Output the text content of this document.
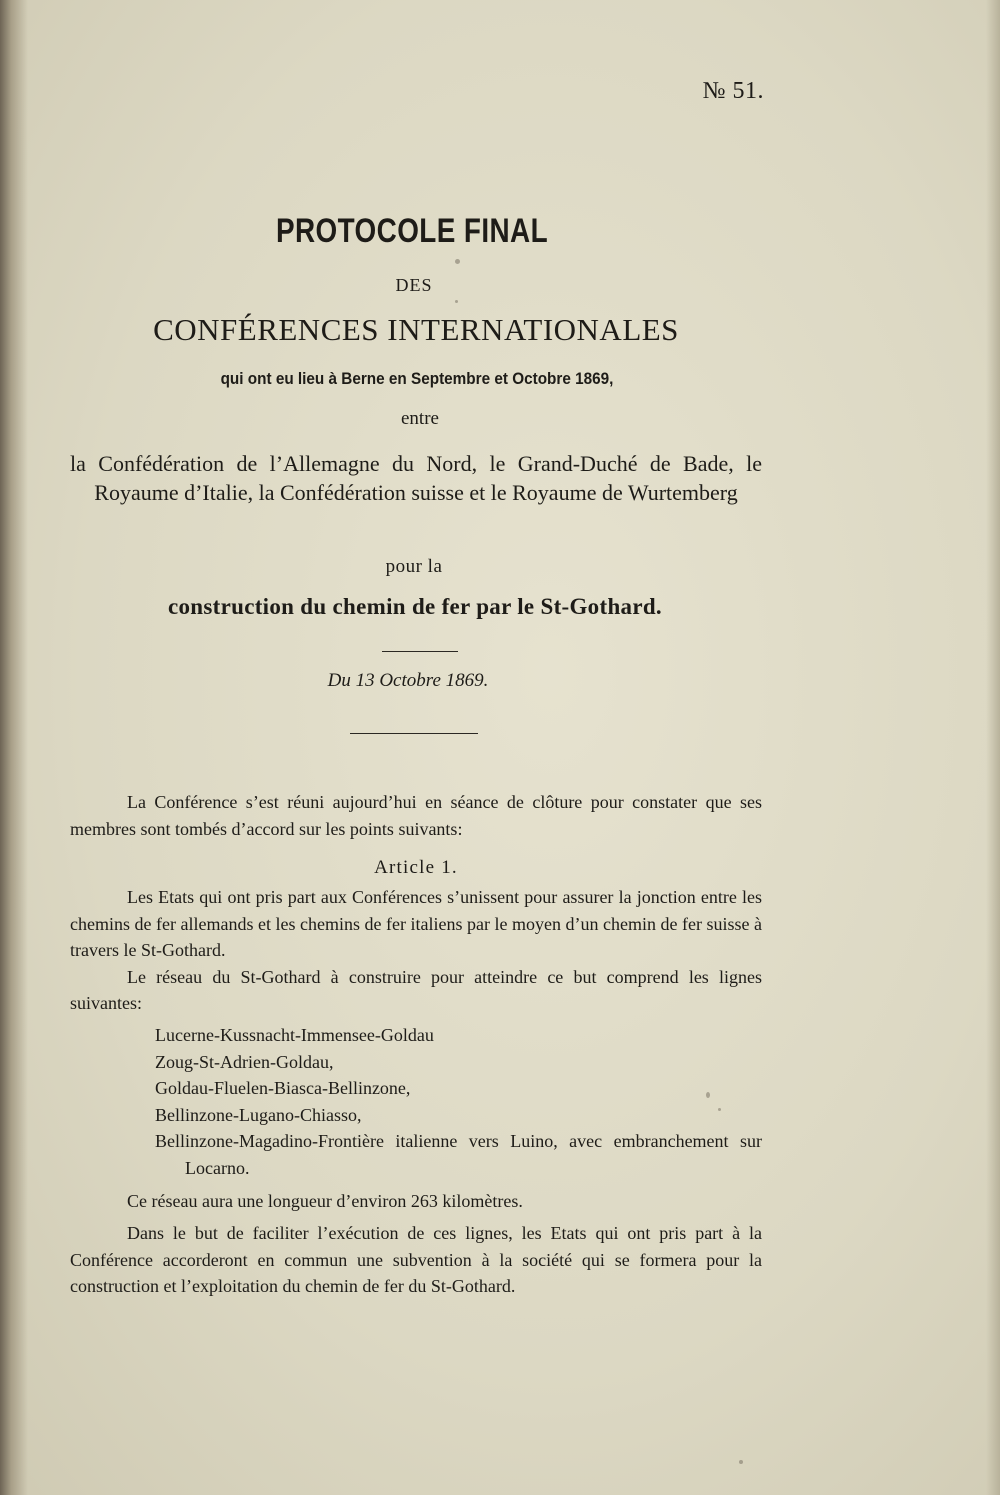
№ 51.
PROTOCOLE FINAL
DES
CONFÉRENCES INTERNATIONALES
qui ont eu lieu à Berne en Septembre et Octobre 1869,
entre
la Confédération de l’Allemagne du Nord, le Grand-Duché de Bade, le Royaume d’Italie, la Confédération suisse et le Royaume de Wurtemberg
pour la
construction du chemin de fer par le St-Gothard.
Du 13 Octobre 1869.

La Conférence s’est réuni aujourd’hui en séance de clôture pour constater que ses membres sont tombés d’accord sur les points suivants:

Article 1.

Les Etats qui ont pris part aux Conférences s’unissent pour assurer la jonction entre les chemins de fer allemands et les chemins de fer italiens par le moyen d’un chemin de fer suisse à travers le St-Gothard.

Le réseau du St-Gothard à construire pour atteindre ce but comprend les lignes suivantes:

Lucerne-Kussnacht-Immensee-Goldau
Zoug-St-Adrien-Goldau,
Goldau-Fluelen-Biasca-Bellinzone,
Bellinzone-Lugano-Chiasso,
Bellinzone-Magadino-Frontière italienne vers Luino, avec embranchement sur Locarno.

Ce réseau aura une longueur d’environ 263 kilomètres.

Dans le but de faciliter l’exécution de ces lignes, les Etats qui ont pris part à la Conférence accorderont en commun une subvention à la société qui se formera pour la construction et l’exploitation du chemin de fer du St-Gothard.
